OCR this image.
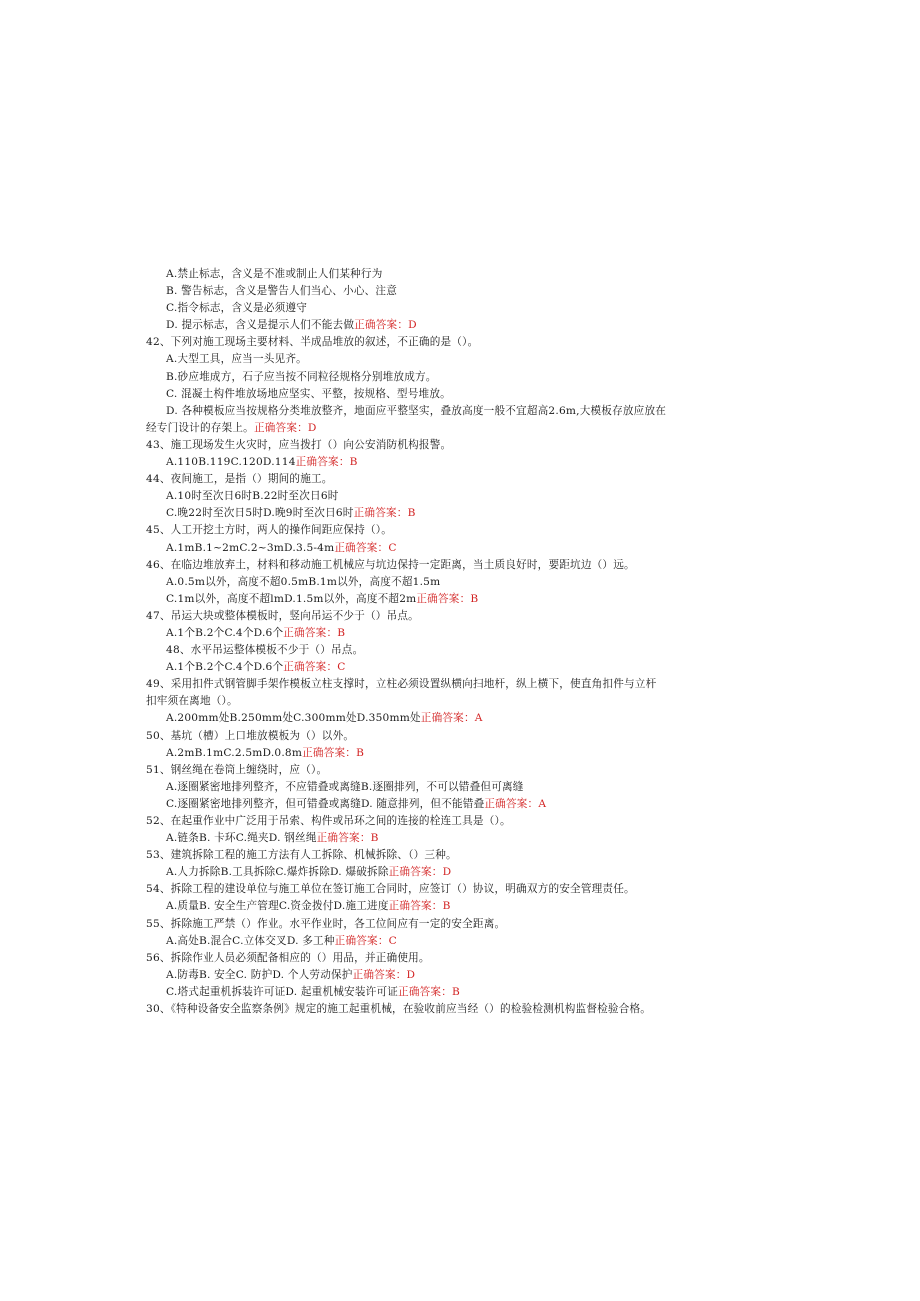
A.禁止标志，含义是不准或制止人们某种行为
B. 警告标志，含义是警告人们当心、小心、注意
C.指令标志，含义是必须遵守
D. 提示标志，含义是提示人们不能去做正确答案：D
42、下列对施工现场主要材料、半成品堆放的叙述，不正确的是（）。
A.大型工具，应当一头见齐。
B.砂应堆成方，石子应当按不同粒径规格分别堆放成方。
C. 混凝土构件堆放场地应坚实、平整，按规格、型号堆放。
D. 各种模板应当按规格分类堆放整齐，地面应平整坚实，叠放高度一般不宜超高2.6m,大模板存放应放在
经专门设计的存架上。正确答案：D
43、施工现场发生火灾时，应当拨打（）向公安消防机构报警。
A.110B.119C.120D.114正确答案：B
44、夜间施工，是指（）期间的施工。
A.10时至次日6时B.22时至次日6时
C.晚22时至次日5时D.晚9时至次日6时正确答案：B
45、人工开挖土方时，两人的操作间距应保持（）。
A.1mB.1~2mC.2~3mD.3.5-4m正确答案：C
46、在临边堆放弃土，材料和移动施工机械应与坑边保持一定距离，当土质良好时，要距坑边（）远。
A.0.5m以外，高度不超0.5mB.1m以外，高度不超1.5m
C.1m以外，高度不超lmD.1.5m以外，高度不超2m正确答案：B
47、吊运大块或整体模板时，竖向吊运不少于（）吊点。
A.1个B.2个C.4个D.6个正确答案：B
48、水平吊运整体模板不少于（）吊点。
A.1个B.2个C.4个D.6个正确答案：C
49、采用扣件式钢管脚手架作模板立柱支撑时，立柱必须设置纵横向扫地杆，纵上横下，使直角扣件与立杆
扣牢须在离地（）。
A.200mm处B.250mm处C.300mm处D.350mm处正确答案：A
50、基坑（槽）上口堆放模板为（）以外。
A.2mB.1mC.2.5mD.0.8m正确答案：B
51、钢丝绳在卷筒上缠绕时，应（）。
A.逐圈紧密地排列整齐，不应错叠或离缝B.逐圈排列，不可以错叠但可离缝
C.逐圈紧密地排列整齐，但可错叠或离缝D. 随意排列，但不能错叠正确答案：A
52、在起重作业中广泛用于吊索、构件或吊环之间的连接的栓连工具是（）。
A.链条B. 卡环C.绳夹D. 钢丝绳正确答案：B
53、建筑拆除工程的施工方法有人工拆除、机械拆除、（）三种。
A.人力拆除B.工具拆除C.爆炸拆除D. 爆破拆除正确答案：D
54、拆除工程的建设单位与施工单位在签订施工合同时，应签订（）协议，明确双方的安全管理责任。
A.质量B. 安全生产管理C.资金拨付D.施工进度正确答案：B
55、拆除施工严禁（）作业。水平作业时，各工位间应有一定的安全距离。
A.高处B.混合C.立体交叉D. 多工种正确答案：C
56、拆除作业人员必须配备相应的（）用品，并正确使用。
A.防毒B. 安全C. 防护D. 个人劳动保护正确答案：D
C.塔式起重机拆装许可证D. 起重机械安装许可证正确答案：B
30、《特种设备安全监察条例》规定的施工起重机械，在验收前应当经（）的检验检测机构监督检验合格。
